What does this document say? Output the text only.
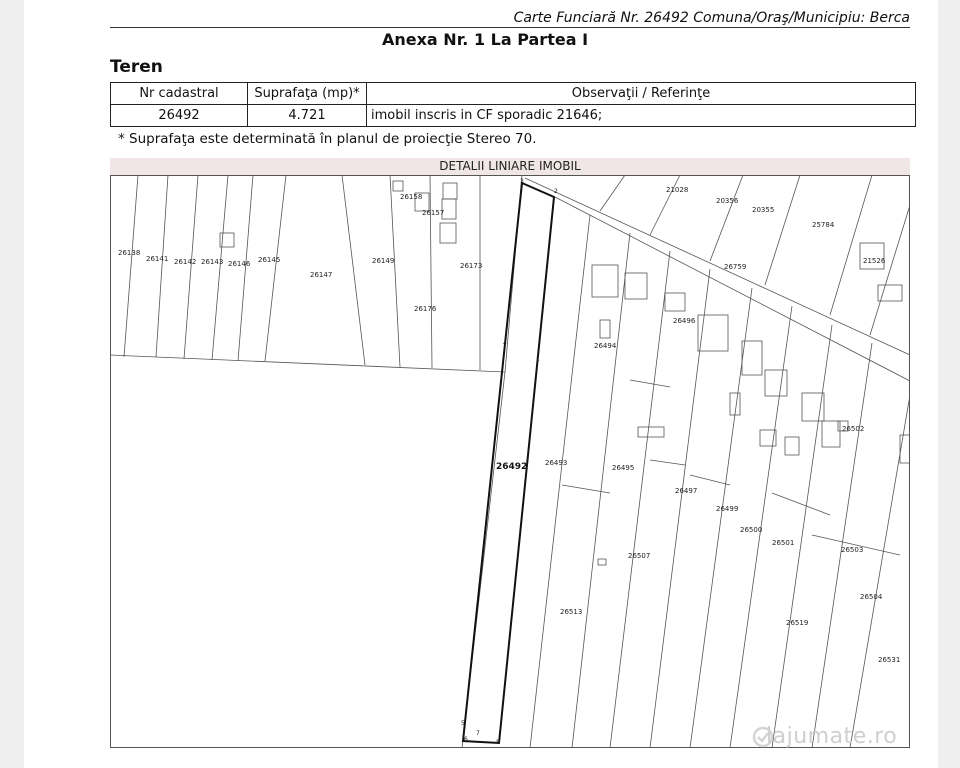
Carte Funciară Nr. 26492 Comuna/Oraş/Municipiu: Berca
Anexa Nr. 1 La Partea I
Teren
Nr cadastral	Suprafaţa (mp)*	Observaţii / Referinţe
26492	4.721	imobil inscris in CF sporadic 21646;
* Suprafaţa este determinată în planul de proiecţie Stereo 70.
DETALII LINIARE IMOBIL
26138
26141 26142 26143 26146 26145
26147
26158
26157
26149
26173
26176
21028
20356
20355
25784
21526
26759
26496
26494
26493
26495
26497
26499
26500
26501
26502
26503
26504
26507
26513
26519
26531
26492
2
3
4
1
5
6
7
8	lajumate.ro
